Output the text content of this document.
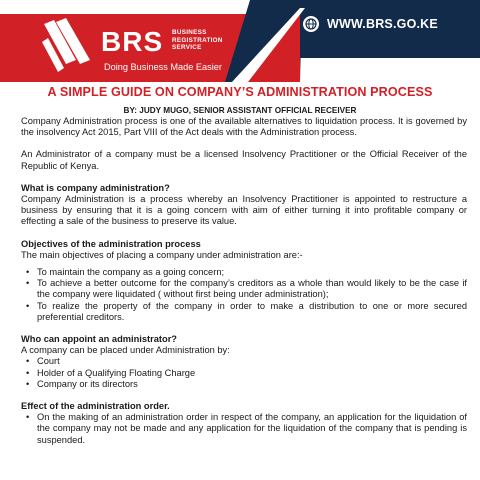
BRS BUSINESS
REGISTRATION
SERVICE
Doing Business Made Easier
WWW.BRS.GO.KE
A SIMPLE GUIDE ON COMPANY’S ADMINISTRATION PROCESS
BY: JUDY MUGO, SENIOR ASSISTANT OFFICIAL RECEIVER

Company Administration process is one of the available alternatives to liquidation process. It is governed by the insolvency Act 2015, Part VIII of the Act deals with the Administration process.

An Administrator of a company must be a licensed Insolvency Practitioner or the Official Receiver of the Republic of Kenya.

What is company administration?

Company Administration is a process whereby an Insolvency Practitioner is appointed to restructure a business by ensuring that it is a going concern with aim of either turning it into profitable company or effecting a sale of the business to preserve its value.

Objectives of the administration process

The main objectives of placing a company under administration are:-

• To maintain the company as a going concern;
• To achieve a better outcome for the company’s creditors as a whole than would likely to be the case if the company were liquidated ( without first being under administration);
• To realize the property of the company in order to make a distribution to one or more secured preferential creditors.

Who can appoint an administrator?

A company can be placed under Administration by:

• Court
• Holder of a Qualifying Floating Charge
• Company or its directors

Effect of the administration order.

• On the making of an administration order in respect of the company, an application for the liquidation of the company may not be made and any application for the liquidation of the company that is pending is suspended.
